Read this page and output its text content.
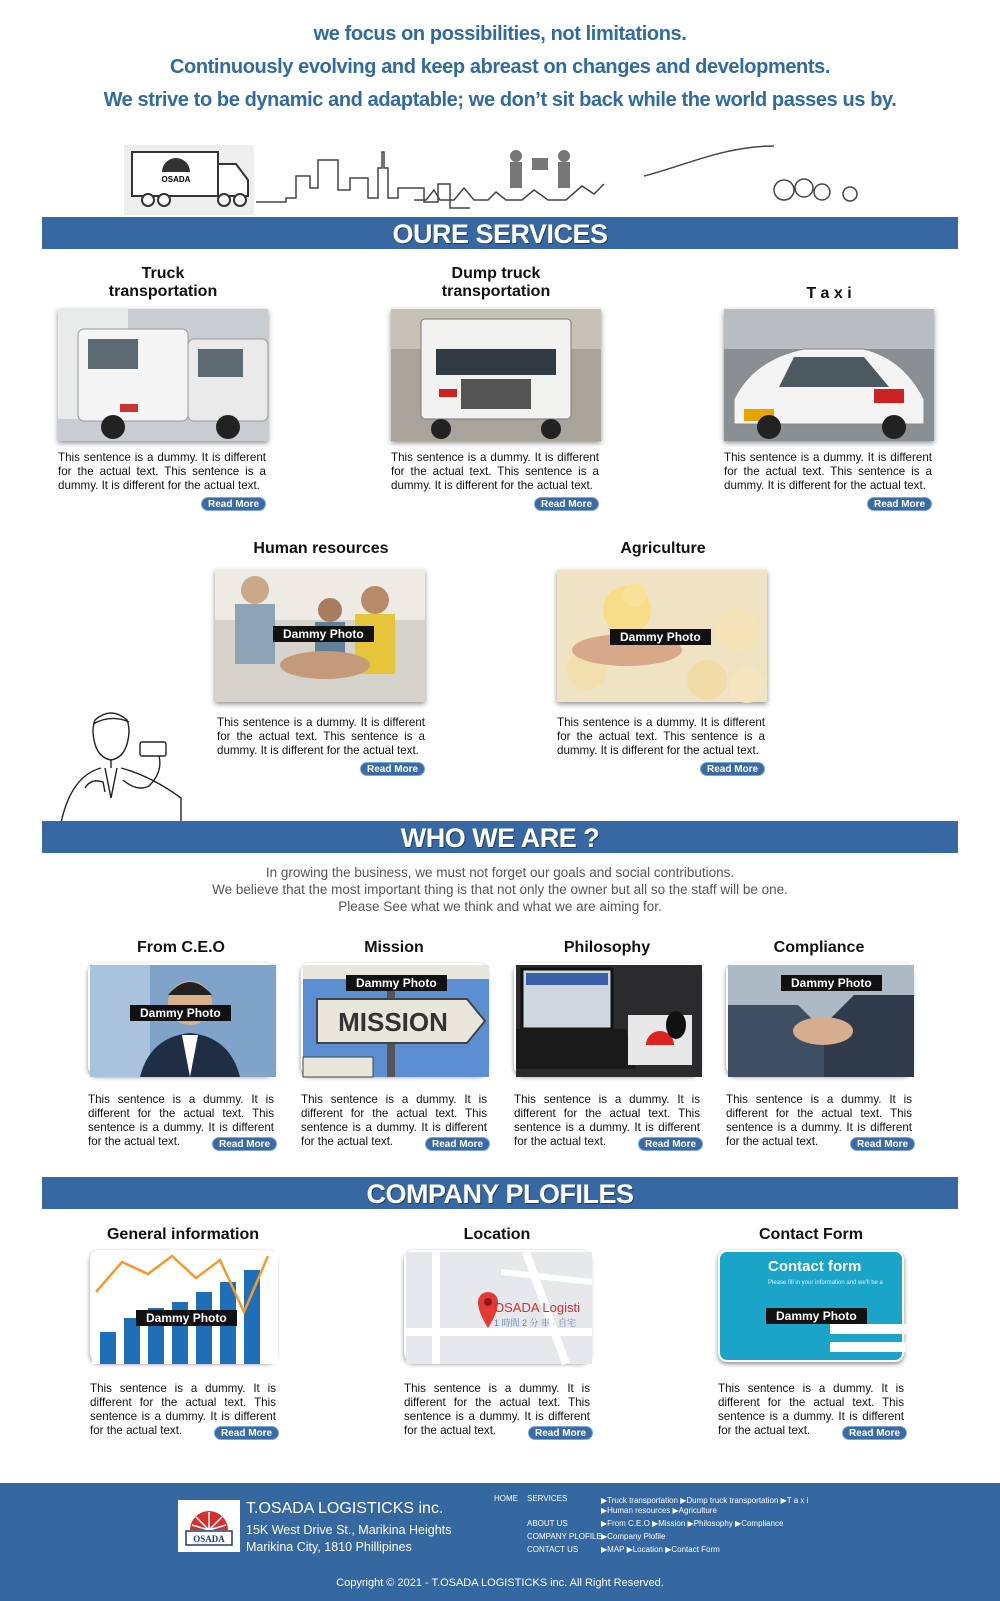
we focus on possibilities, not limitations.
Continuously evolving and keep abreast on changes and developments.
We strive to be dynamic and adaptable; we don’t sit back while the world passes us by.
OSADA
OURE SERVICES
Truck transportation
This sentence is a dummy. It is different for the actual text. This sentence is a dummy. It is different for the actual text.
Read More
Dump truck transportation
This sentence is a dummy. It is different for the actual text. This sentence is a dummy. It is different for the actual text.
Read More
T a x i
This sentence is a dummy. It is different for the actual text. This sentence is a dummy. It is different for the actual text.
Read More
Human resources
Dammy Photo
This sentence is a dummy. It is different for the actual text. This sentence is a dummy. It is different for the actual text.
Read More
Agriculture
Dammy Photo
This sentence is a dummy. It is different for the actual text. This sentence is a dummy. It is different for the actual text.
Read More
WHO WE ARE ?
In growing the business, we must not forget our goals and social contributions.
We believe that the most important thing is that not only the owner but all so the staff will be one.
Please See what we think and what we are aiming for.
From C.E.O
Dammy Photo
This sentence is a dummy. It is different for the actual text. This sentence is a dummy. It is different for the actual text.	Read More
Mission
MISSION
Dammy Photo
This sentence is a dummy. It is different for the actual text. This sentence is a dummy. It is different for the actual text.	Read More
Philosophy
This sentence is a dummy. It is different for the actual text. This sentence is a dummy. It is different for the actual text.	Read More
Compliance
Dammy Photo
This sentence is a dummy. It is different for the actual text. This sentence is a dummy. It is different for the actual text.	Read More
COMPANY PLOFILES
General information
Dammy Photo
This sentence is a dummy. It is different for the actual text. This sentence is a dummy. It is different for the actual text.	Read More
Location
OSADA Logisti
1 時間 2 分 車 · 自宅
This sentence is a dummy. It is different for the actual text. This sentence is a dummy. It is different for the actual text.	Read More
Contact Form
Contact form
Please fill in your information and we'll be a
Dammy Photo
This sentence is a dummy. It is different for the actual text. This sentence is a dummy. It is different for the actual text.	Read More
OSADA
T.OSADA LOGISTICKS inc.
15K West Drive St., Marikina Heights
Marikina City, 1810 Phillipines
HOME SERVICES	▶Truck transportation ▶Dump truck transportation ▶T a x i
▶Human resources ▶Agriculture
ABOUT US	▶From C.E.O ▶Mission ▶Philosophy ▶Compliance
COMPANY PLOFILE ▶Company Plofile
CONTACT US	▶MAP ▶Location ▶Contact Form
Copyright © 2021 - T.OSADA LOGISTICKS inc. All Right Reserved.
